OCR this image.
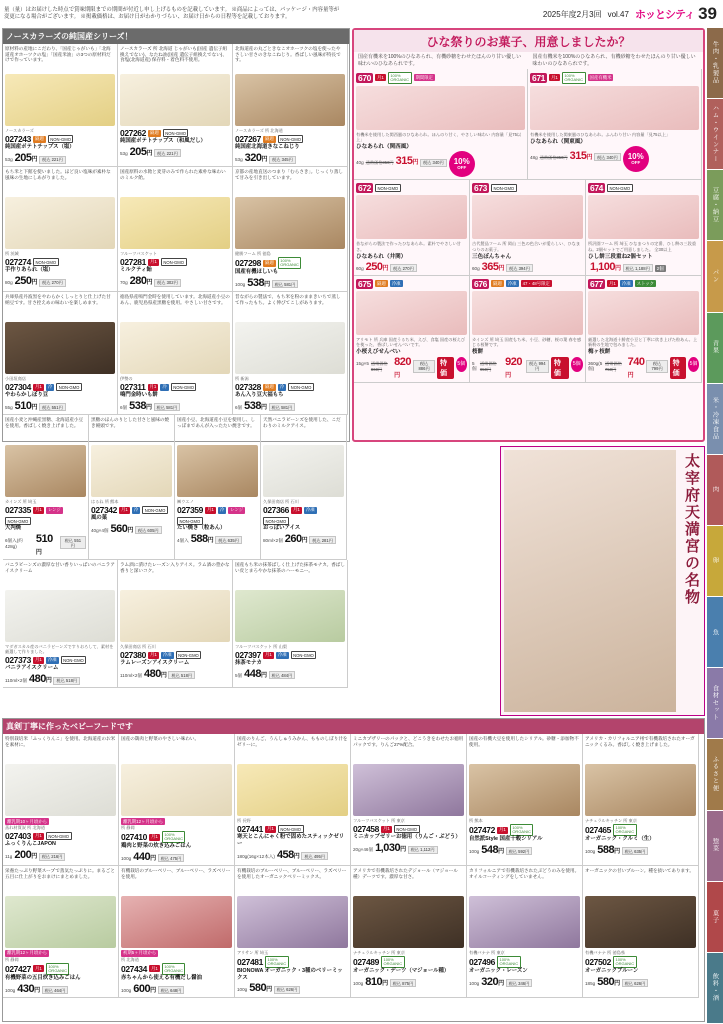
量（量）はお届けした時点で賞味期限までの期間が付近し申し上げるものを記載しています。 ※商品によっては、パッケージ・内容量等が変更になる場合がございます。 ※掲載価格は、お届け日がわかりづらい、お届け日からの日程等を記載しております。	2025年度2月3回 vol.47 ホッとシティ 39
牛肉・乳製品
ハム・ウインナー
豆腐・納豆
パン
青果
米・冷凍食品
肉
卵
魚
食材セット
ふるさと便
惣菜
菓子
飲料・酒
ノースカラーズの純国産シリーズ！
原材料の産地にこだわり、「国産じゃがいも」「北海道産オホーツクの塩」「国産米油」の3つの原材料だけで作っています。
ノースカラーズ
027243 隔週	NON-GMO
純国産ポテトチップス（塩）
53g 205円	税込 221円
ノースカラーズ 所 北海道 じゃがいも(国産 遺伝子組換えでない)、なたね油(国産 遺伝子組換えでない)、食塩(北海道産) 保存料・着色料不使用。
027262 隔週	NON-GMO
純国産ポテトチップス（和風だし）
53g 205円	税込 221円
北海道産の丸ごときなこオホーツクの塩を使ったやさしい甘さのきなこねじり。香ばしい風味が特長です。
ノースカラーズ 所 北海道
027267 隔週	NON-GMO
純国産北海道きなこねじり
53g 320円	税込 345円
もち米と下館を使いました。ほど良い塩味が素朴な風味の生地にしあがりました。
所 茨城
027274	NON-GMO
手作りあられ（塩）
80g 250円	税込 270円
国産原料の水飴と麦芽のみで作られた素朴な味わいのミルク飴。
フルーツバスケット
027281 月1	NON-GMO
ミルクティ飴
70g 280円	税込 302円
京都の産地直送のつまり「むらさき」。じっくり蒸して甘みを引き出しています。
健勝フーム 所 徳島
027298 隔週	100%
ORGANIC
国産有機ほしいも
100g 538円	税込 581円
兵庫県産丹波黒をやわらかくしっとりと仕上げた甘納豆です。甘さ控えめの味わいを楽しめます。
小田垣商店
027304 月1	冷	NON-GMO
やわらかしぼり豆
55g 510円	税込 551円
徳島県産鳴門金時を使用しています。北海道産小豆のあん、鹿児島県産黒糖を使用。やさしい甘さです。
伊勢の
027311 月1	冷	NON-GMO
鳴門金時いも餅
6個 538円	税込 581円
昔ながらの製法で、もち米を粉のままきいちで蒸して作ったもち。よく伸びてこしがあります。
所 新潟
027328 隔週	冷	NON-GMO
あん入り豆大福もち
6個 538円	税込 581円
国産小麦と沖縄産黒糖、北海道産小豆を使用。香ばしく焼き上げました。
カインズ 所 埼玉
027335 月1	レンジ
NON-GMO
大判焼
6個入(約428g)
510円
税込 551円
黒糖のほんのりとした甘さと風味の焼き饅頭です。
はるね 所 熊本
027342 月1	冷	NON-GMO
風の菓
40g×4個 560円	税込 605円
国産小豆、北海道産小豆を使用し、しっぽまであんが入ったたい焼きです。
㈱ウエノ
027359 月1	冷	レンジ
NON-GMO
たい焼き（粒あん）
4個入 588円	税込 635円
天然バニラビーンズを使用した、こだわりのミルクアイス。
久保田商店 所 石川
027366 月1	冷凍
NON-GMO
おっぱいアイス
80ml×2個 260円	税込 281円
バニラビーンズの濃厚な甘い香りいっぱいのバニラアイスクリーム
マダガスカル産のバニラビーンズですりおろして、素材を厳選して作りました。
027373 月1	冷凍	NON-GMO
バニラアイスクリーム
110ml×2個 480円	税込 518円
ラム酒に漬けたレーズン入りアイス。ラム酒の豊かな香りと深いコク。
久保田商店 所 石川
027380 月1	冷凍	NON-GMO
ラムレーズンアイスクリーム
110ml×2個 480円	税込 518円
国産もち米の抹茶ばしく仕上げた抹茶モナカ。香ばしい皮とまろやかな抹茶のハーモニー。
フルーツバスケット 所 山梨
027397 月1	冷凍	NON-GMO
抹茶モナカ
5個 448円	税込 484円
ひな祭りのお菓子、用意しましたか？
国産有機米を100%のひなあられ、有機砂糖をわせたほんのり甘い優しい味わいのひなあられです。
国産有機米を100%のひなあられ、有機砂糖をわせたほんのり甘い優しい味わいのひなあられです。
670	月1	100%
ORGANIC	期間限定
有機米を使用した関西風のひなあられ。ほんのり甘く、やさしい味わい 内容量「見75以上」
ひなあられ（関西風）
40g 通常価格350円 315円	税込 340円	10%
OFF
671	月1	100%
ORGANIC	国産有機米
有機米を使用した関東風のひなあられ。ふんわり甘い 内容量「見75以上」
ひなあられ（関東風）
48g 通常価格350円 315円	税込 340円	10%
OFF
672	NON-GMO
昔ながらの製法で作ったひなあられ。素朴でやさしい甘さ。
ひなあられ（井関）
60g 250円	税込 270円
673	NON-GMO
古代製品フーム 所 岡山 三色の色合いが愛らしい、ひなまつりのお菓子。
三色ぼんちゃん
60g 365円	税込 394円
674	NON-GMO
所沢園フーム 所 埼玉 ひなまつりの定番、ひし餅の三段重ね。2個セットでご用意しました。 全30以上
ひし餅三段重ね2個セット
1,100円	税込 1,188円	2個
675	隔週	冷凍
アリモト 所 兵庫 国産うるち米、えび、食塩 国産の桜えびを使った、香ばしいせんべいです。
小桜えびせんべい
15g×5 通常価格860円
820円
税込 886円
特価
5個
676	隔週	冷凍	47・48号限定
カインズ 所 埼玉 国産もち米、小豆、砂糖、桜の葉 春を感じる桜餅です。
桜餅
5個
通常価格950円
920円
税込 994円
特価
5個
677	月1	冷凍	ストック
厳選した北海道十勝産小豆と丁寧に炊き上げた粒あん。上新粉の生地で包みました。
梅ヶ枝餅
360g(5個)
通常価格750円
740円
税込 799円
特価
5個
太宰府天満宮の名物
真剣丁寧に作ったベビーフードです
特別栽培米「ふっくりんこ」を使用。北海道産のお米を素材に。
離乳期10ヶ月頃から
蒸れ材質炭 所 北海道
027403 月1	NON-GMO
ふっくりんこJAPON
11g 200円	税込 216円
国産の鶏肉と野菜のやさしい味わい。
離乳期12ヶ月頃から
所 静岡
027410 月1	100%
ORGANIC
鶏肉と野菜の炊き込みごはん
100g 440円	税込 475円
国産のりんご、うんしゅうみかん、もものしぼり汁をゼリーに。
所 長野
027441 月1	NON-GMO
寒天とこんにゃく粉で固めたスティックゼリー
180g(16g×12本入) 458円	税込 495円
ミニカプザリーのパックと、どこうきをわせたお徳用パックです。りんご27%配合。
フルーツバスケット 所 東京
027458 月1	NON-GMO
ミニカップゼリーお徳用（りんご・ぶどう）
20g×46個 1,030円	税込 1,112円
国産の有機大豆を使用したシリアル。砂糖・添加物不使用。
所 熊本
027472 月1	100%
ORGANIC
自然派Style 国産十穀シリアル
100g 548円	税込 592円
アメリカ・カリフォルニア州で有機栽培されたオーガニックくるみ。香ばしく焼き上げました。
ナチュラルキッチン 所 東京
027465	100%
ORGANIC
オーガニック・クルミ（生）
100g 588円	税込 635円
栄養たっぷり野菜スープで蒸気たっぷりに。まるごと五目に仕上がりをおまけにまとめました。
離乳期12ヶ月頃から
所 静岡
027427 月1	100%
ORGANIC
有機野菜の五目炊き込みごはん
100g 430円	税込 464円
有機栽培のブルーベリー、ブルーベリー、ラズベリーを使用。
初期5ヶ月頃から
所 北海道
027434 月1	100%
ORGANIC
赤ちゃんから使える有機だし醤油
100g 600円	税込 648円
有機栽培のブルーベリー、ブルーベリー、ラズベリーを使用したオーガニックベリーミックス。
アリサン 所 埼玉
027481	100%
ORGANIC
BIONOWA オーガニック・3種のベリーミックス
100g 580円	税込 626円
アメリカで有機栽培されたデジョール（マジョール種）デーツです。濃厚な甘さ。
ナチュラルキッチン 所 東京
027489	100%
ORGANIC
オーガニック・デーツ（マジョール種）
100g 810円	税込 875円
カリフォルニアで有機栽培されたぶどうのみを使用。オイルコーティングをしていません。
有機バナナ 所 東京
027496	100%
ORGANIC
オーガニック・レーズン
100g 320円	税込 346円
オーガニックの甘いプルーン。種を抜いてあります。
有機バナナ 所 徳島県
027502	100%
ORGANIC
オーガニックプルーン
185g 580円	税込 626円
